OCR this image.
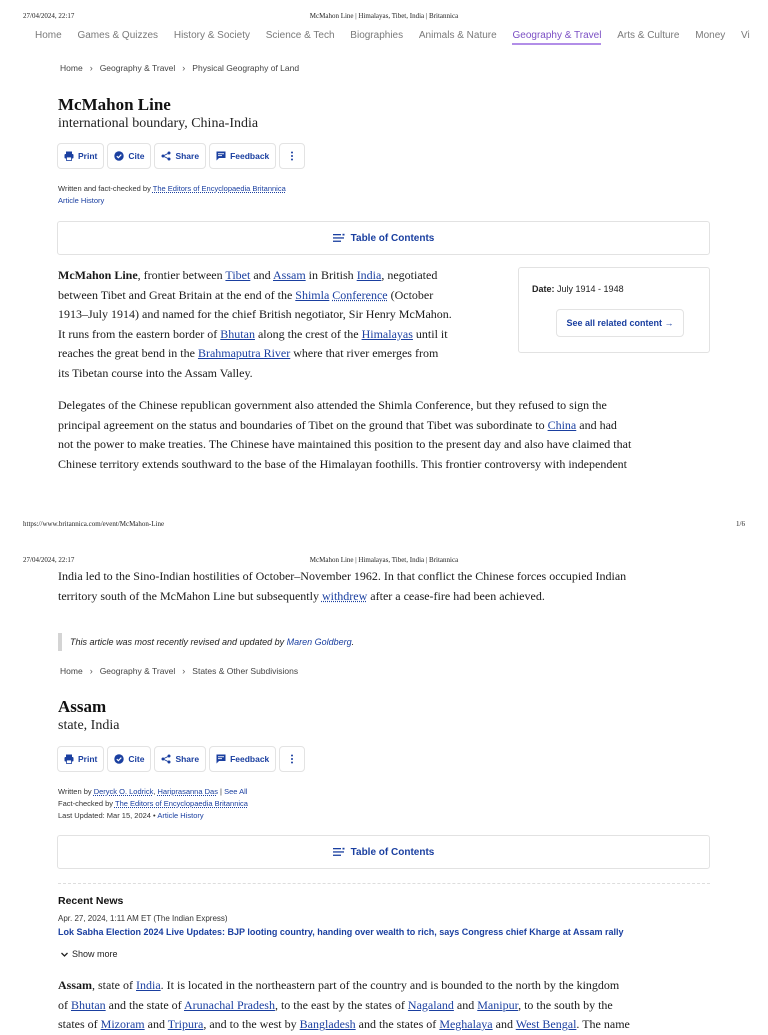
27/04/2024, 22:17	McMahon Line | Himalayas, Tibet, India | Britannica
Home Games & Quizzes History & Society Science & Tech Biographies Animals & Nature Geography & Travel Arts & Culture Money Vi
Home › Geography & Travel › Physical Geography of Land
McMahon Line
international boundary, China-India
Print	Cite	Share	Feedback
Written and fact-checked by The Editors of Encyclopaedia Britannica
Article History
Table of Contents
McMahon Line, frontier between Tibet and Assam in British India, negotiated
between Tibet and Great Britain at the end of the Shimla Conference (October
1913–July 1914) and named for the chief British negotiator, Sir Henry McMahon.
It runs from the eastern border of Bhutan along the crest of the Himalayas until it
reaches the great bend in the Brahmaputra River where that river emerges from
its Tibetan course into the Assam Valley.
Date: July 1914 - 1948
See all related content →
Delegates of the Chinese republican government also attended the Shimla Conference, but they refused to sign the
principal agreement on the status and boundaries of Tibet on the ground that Tibet was subordinate to China and had
not the power to make treaties. The Chinese have maintained this position to the present day and also have claimed that
Chinese territory extends southward to the base of the Himalayan foothills. This frontier controversy with independent
https://www.britannica.com/event/McMahon-Line	1/6
27/04/2024, 22:17	McMahon Line | Himalayas, Tibet, India | Britannica
India led to the Sino-Indian hostilities of October–November 1962. In that conflict the Chinese forces occupied Indian
territory south of the McMahon Line but subsequently withdrew after a cease-fire had been achieved.
This article was most recently revised and updated by Maren Goldberg.
Home › Geography & Travel › States & Other Subdivisions
Assam
state, India
Print	Cite	Share	Feedback
Written by Deryck O. Lodrick, Hariprasanna Das | See All
Fact-checked by The Editors of Encyclopaedia Britannica
Last Updated: Mar 15, 2024 • Article History
Table of Contents
Recent News
Apr. 27, 2024, 1:11 AM ET (The Indian Express)
Lok Sabha Election 2024 Live Updates: BJP looting country, handing over wealth to rich, says Congress chief Kharge at Assam rally
Show more
Assam, state of India. It is located in the northeastern part of the country and is bounded to the north by the kingdom
of Bhutan and the state of Arunachal Pradesh, to the east by the states of Nagaland and Manipur, to the south by the
states of Mizoram and Tripura, and to the west by Bangladesh and the states of Meghalaya and West Bengal. The name
